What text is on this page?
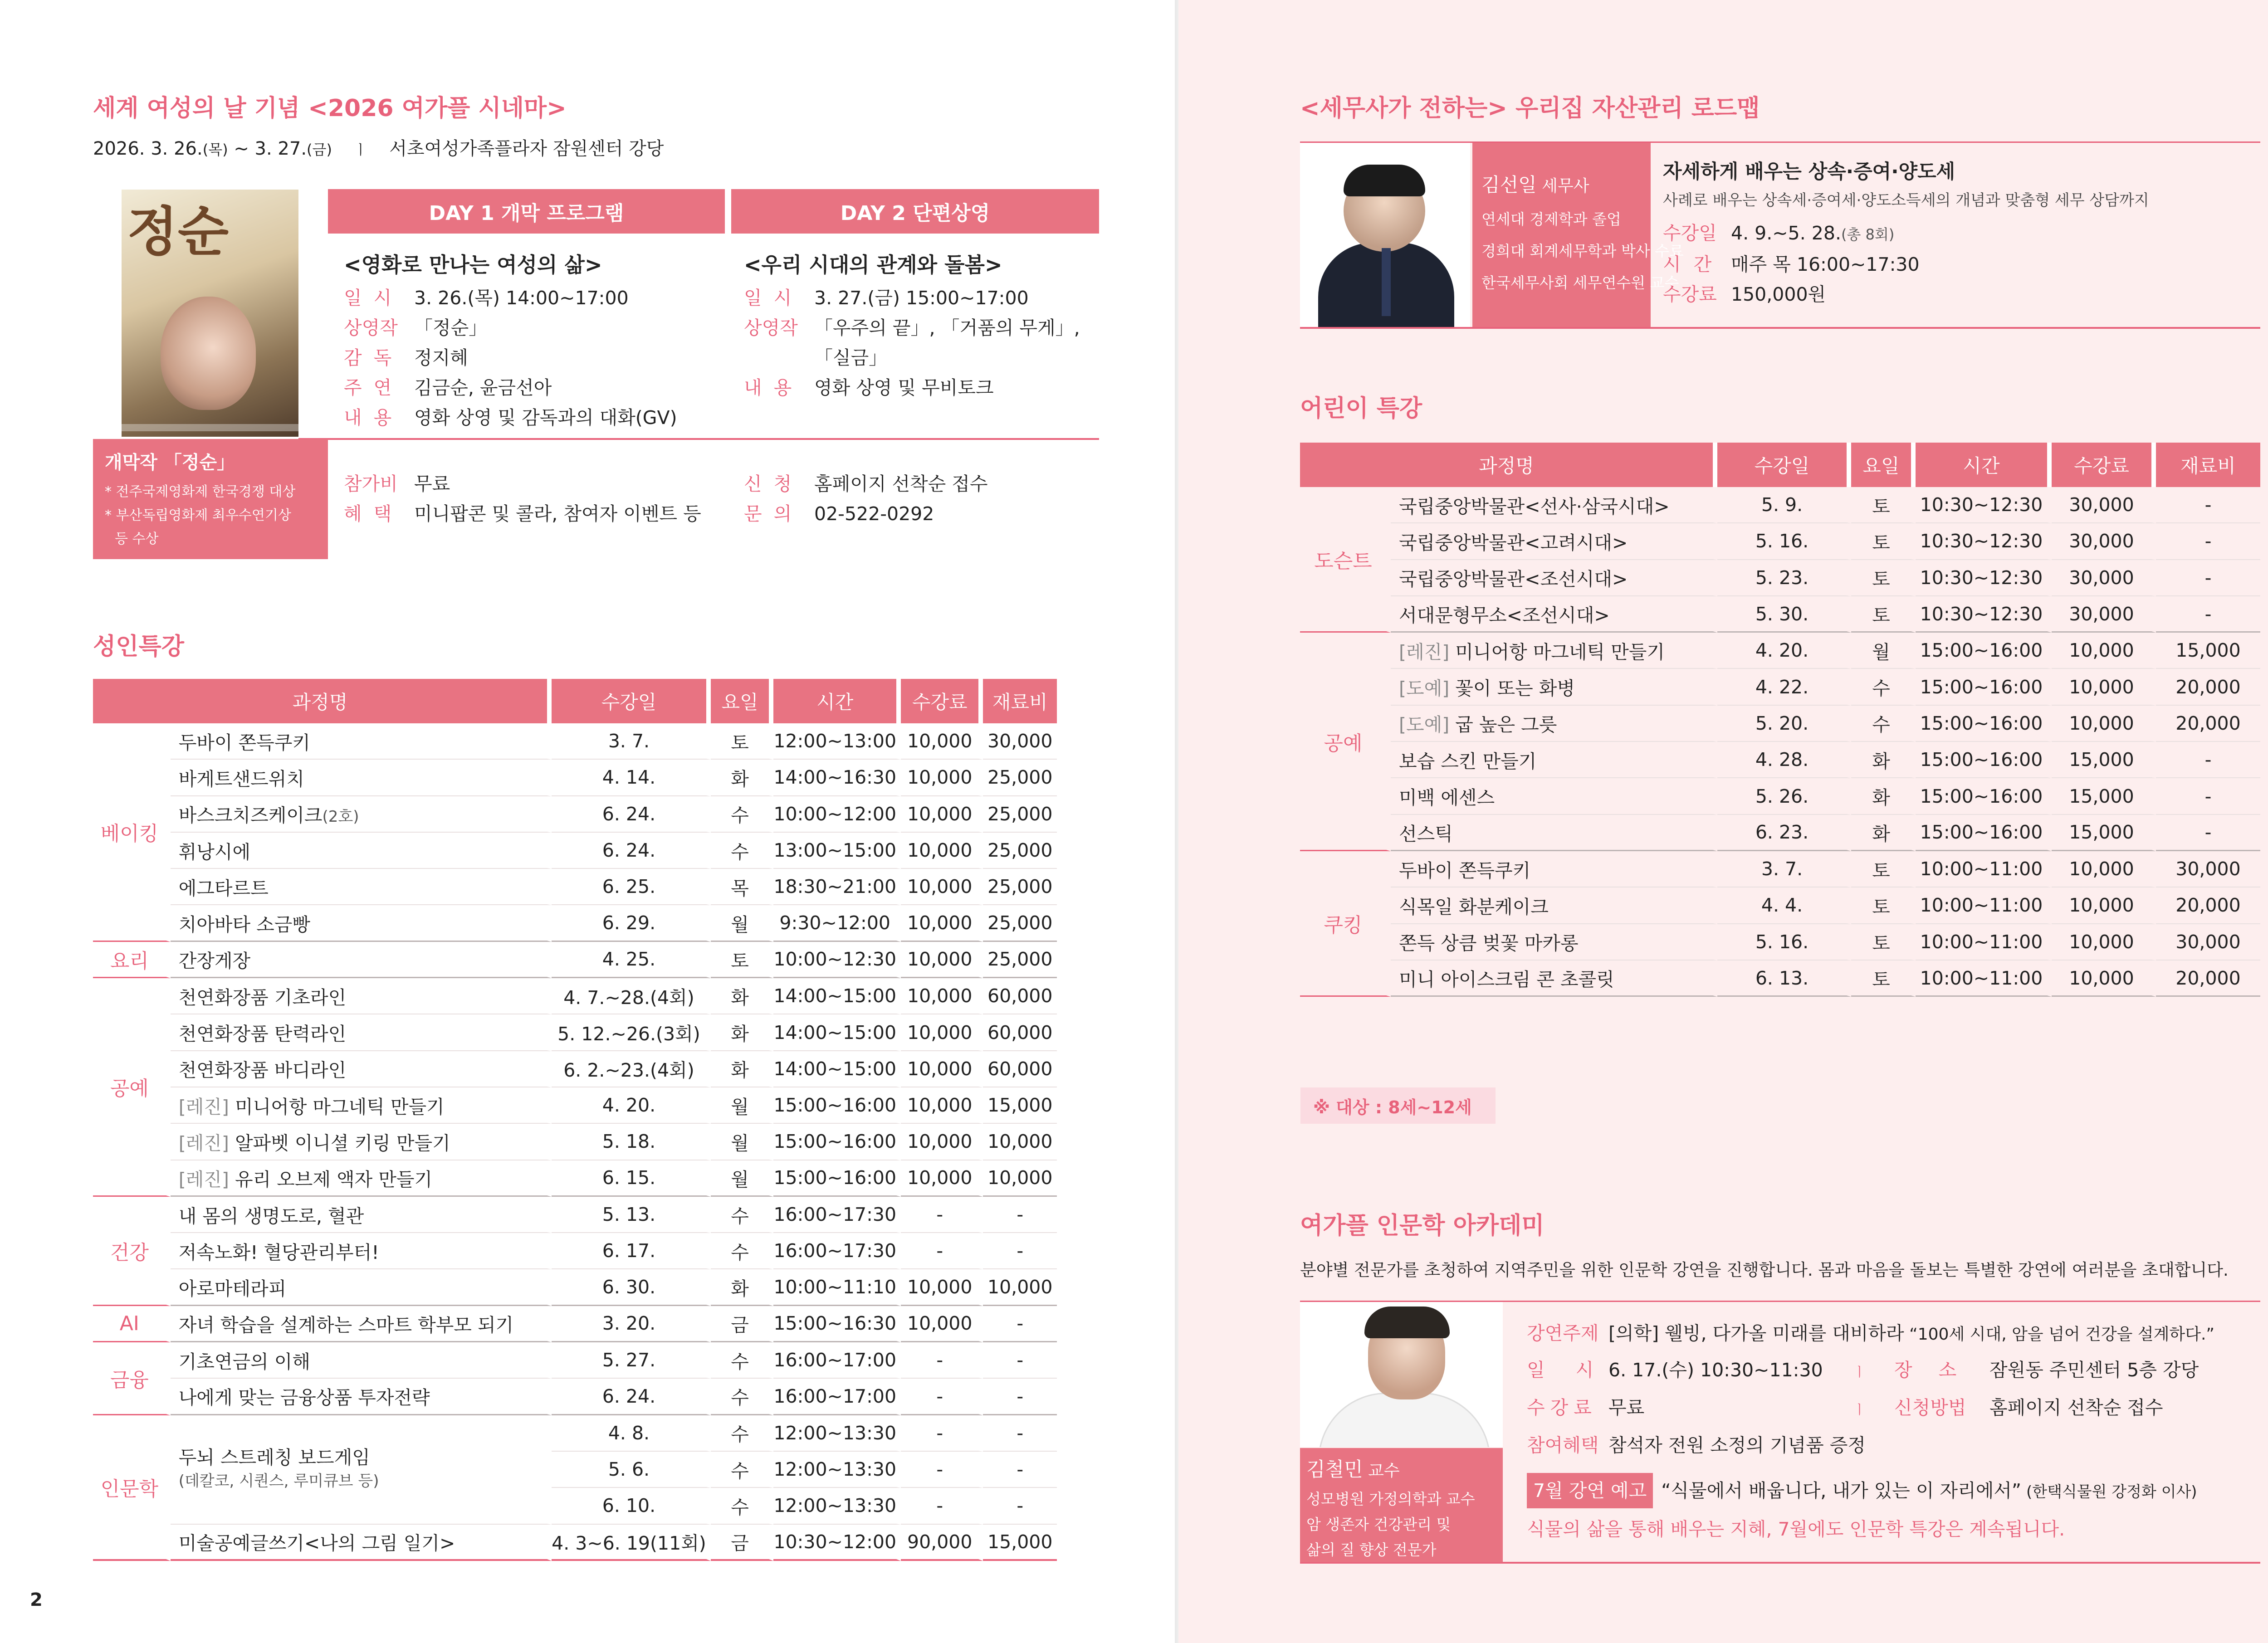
세계 여성의 날 기념 <2026 여가플 시네마>
2026. 3. 26.(목) ~ 3. 27.(금) ㅣ 서초여성가족플라자 잠원센터 강당
정순	DAY 1 개막 프로그램	DAY 2 단편상영
<영화로 만나는 여성의 삶>	<우리 시대의 관계와 돌봄>
일시 3. 26.(목) 14:00~17:00
상영작 「정순」
감독 정지혜
주연 김금순, 윤금선아
내용 영화 상영 및 감독과의 대화(GV)
일시 3. 27.(금) 15:00~17:00
상영작 「우주의 끝」, 「거품의 무게」, 「실금」
내용 영화 상영 및 무비토크
개막작 「정순」
* 전주국제영화제 한국경쟁 대상
* 부산독립영화제 최우수연기상
등 수상
참가비 무료
혜택 미니팝콘 및 콜라, 참여자 이벤트 등
신청 홈페이지 선착순 접수
문의 02-522-0292
성인특강
과정명		수강일	요일	시간	수강료	재료비
베이킹	두바이 쫀득쿠키	3. 7.	토	12:00~13:00	10,000	30,000
	바게트샌드위치	4. 14.	화	14:00~16:30	10,000	25,000
	바스크치즈케이크(2호)	6. 24.	수	10:00~12:00	10,000	25,000
	휘낭시에	6. 24.	수	13:00~15:00	10,000	25,000
	에그타르트	6. 25.	목	18:30~21:00	10,000	25,000
	치아바타 소금빵	6. 29.	월	9:30~12:00	10,000	25,000
요리	간장게장	4. 25.	토	10:00~12:30	10,000	25,000
공예	천연화장품 기초라인	4. 7.~28.(4회)	화	14:00~15:00	10,000	60,000
	천연화장품 탄력라인	5. 12.~26.(3회)	화	14:00~15:00	10,000	60,000
	천연화장품 바디라인	6. 2.~23.(4회)	화	14:00~15:00	10,000	60,000
	[레진] 미니어항 마그네틱 만들기	4. 20.	월	15:00~16:00	10,000	15,000
	[레진] 알파벳 이니셜 키링 만들기	5. 18.	월	15:00~16:00	10,000	10,000
	[레진] 유리 오브제 액자 만들기	6. 15.	월	15:00~16:00	10,000	10,000
건강	내 몸의 생명도로, 혈관	5. 13.	수	16:00~17:30	-	-
	저속노화! 혈당관리부터!	6. 17.	수	16:00~17:30	-	-
	아로마테라피	6. 30.	화	10:00~11:10	10,000	10,000
AI	자녀 학습을 설계하는 스마트 학부모 되기	3. 20.	금	15:00~16:30	10,000	-
금융	기초연금의 이해	5. 27.	수	16:00~17:00	-	-
	나에게 맞는 금융상품 투자전략	6. 24.	수	16:00~17:00	-	-
인문학	두뇌 스트레칭 보드게임
(데칼코, 시퀀스, 루미큐브 등)	4. 8.	수	12:00~13:30	-	-
		5. 6.	수	12:00~13:30	-	-
		6. 10.	수	12:00~13:30	-	-
	미술공예글쓰기<나의 그림 일기>	4. 3~6. 19(11회)	금	10:30~12:00	90,000	15,000
2
<세무사가 전하는> 우리집 자산관리 로드맵
김선일 세무사
연세대 경제학과 졸업
경희대 회계세무학과 박사 수료
한국세무사회 세무연수원 교수
자세하게 배우는 상속·증여·양도세
사례로 배우는 상속세·증여세·양도소득세의 개념과 맞춤형 세무 상담까지
수강일 4. 9.~5. 28.(총 8회)
시간 매주 목 16:00~17:30
수강료 150,000원
어린이 특강
과정명		수강일	요일	시간	수강료	재료비
도슨트	국립중앙박물관<선사·삼국시대>	5. 9.	토	10:30~12:30	30,000	-
	국립중앙박물관<고려시대>	5. 16.	토	10:30~12:30	30,000	-
	국립중앙박물관<조선시대>	5. 23.	토	10:30~12:30	30,000	-
	서대문형무소<조선시대>	5. 30.	토	10:30~12:30	30,000	-
공예	[레진] 미니어항 마그네틱 만들기	4. 20.	월	15:00~16:00	10,000	15,000
	[도예] 꽃이 또는 화병	4. 22.	수	15:00~16:00	10,000	20,000
	[도예] 굽 높은 그릇	5. 20.	수	15:00~16:00	10,000	20,000
	보습 스킨 만들기	4. 28.	화	15:00~16:00	15,000	-
	미백 에센스	5. 26.	화	15:00~16:00	15,000	-
	선스틱	6. 23.	화	15:00~16:00	15,000	-
쿠킹	두바이 쫀득쿠키	3. 7.	토	10:00~11:00	10,000	30,000
	식목일 화분케이크	4. 4.	토	10:00~11:00	10,000	20,000
	쫀득 상큼 벚꽃 마카롱	5. 16.	토	10:00~11:00	10,000	30,000
	미니 아이스크림 콘 초콜릿	6. 13.	토	10:00~11:00	10,000	20,000
※ 대상 : 8세~12세
여가플 인문학 아카데미
분야별 전문가를 초청하여 지역주민을 위한 인문학 강연을 진행합니다. 몸과 마음을 돌보는 특별한 강연에 여러분을 초대합니다.
김철민 교수
성모병원 가정의학과 교수
암 생존자 건강관리 및
삶의 질 향상 전문가
강연주제 [의학] 웰빙, 다가올 미래를 대비하라 “100세 시대, 암을 넘어 건강을 설계하다.”
일시6. 17.(수) 10:30~11:30 ㅣ 장소 잠원동 주민센터 5층 강당
수강료 무료	ㅣ 신청방법 홈페이지 선착순 접수
참여혜택 참석자 전원 소정의 기념품 증정
7월 강연 예고 “식물에서 배웁니다, 내가 있는 이 자리에서” (한택식물원 강정화 이사)
식물의 삶을 통해 배우는 지혜, 7월에도 인문학 특강은 계속됩니다.
